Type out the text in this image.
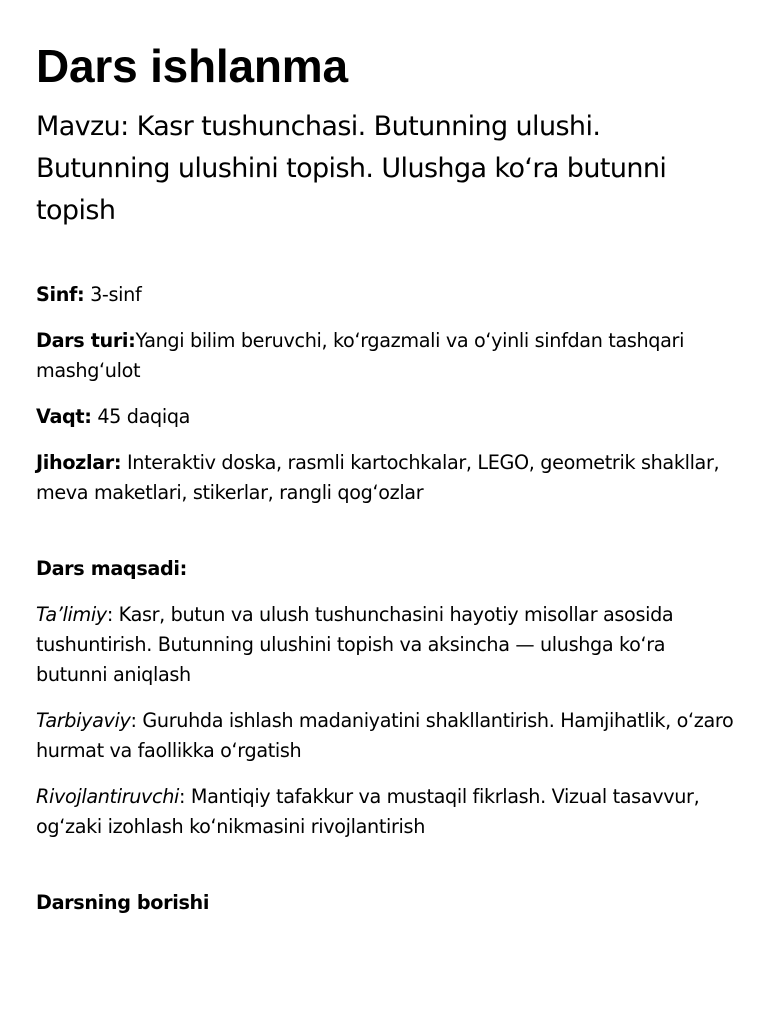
Dars ishlanma
Mavzu: Kasr tushunchasi. Butunning ulushi. Butunning ulushini topish. Ulushga ko‘ra butunni topish

Sinf: 3-sinf

Dars turi:Yangi bilim beruvchi, ko‘rgazmali va o‘yinli sinfdan tashqari mashg‘ulot

Vaqt: 45 daqiqa

Jihozlar: Interaktiv doska, rasmli kartochkalar, LEGO, geometrik shakllar, meva maketlari, stikerlar, rangli qog‘ozlar

Dars maqsadi:

Ta’limiy: Kasr, butun va ulush tushunchasini hayotiy misollar asosida tushuntirish. Butunning ulushini topish va aksincha — ulushga ko‘ra butunni aniqlash

Tarbiyaviy: Guruhda ishlash madaniyatini shakllantirish. Hamjihatlik, o‘zaro hurmat va faollikka o‘rgatish

Rivojlantiruvchi: Mantiqiy tafakkur va mustaqil fikrlash. Vizual tasavvur, og‘zaki izohlash ko‘nikmasini rivojlantirish

Darsning borishi
